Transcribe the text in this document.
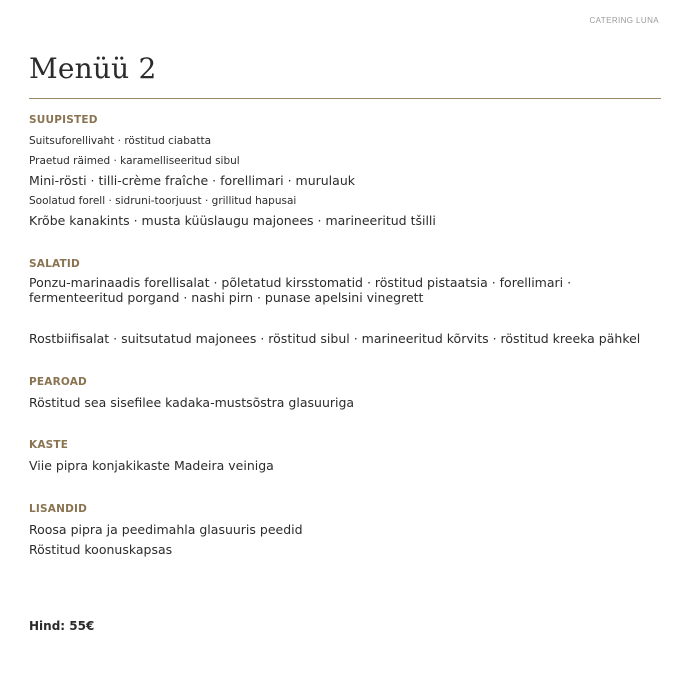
CATERING LUNA
Menüü 2
SUUPISTED

Suitsuforellivaht · röstitud ciabatta

Praetud räimed · karamelliseeritud sibul

Mini-rösti · tilli-crème fraîche · forellimari · murulauk

Soolatud forell · sidruni-toorjuust · grillitud hapusai

Krõbe kanakints · musta küüslaugu majonees · marineeritud tšilli

SALATID

Ponzu-marinaadis forellisalat · põletatud kirsstomatid · röstitud pistaatsia · forellimari · fermenteeritud porgand · nashi pirn · punase apelsini vinegrett

Rostbiifisalat · suitsutatud majonees · röstitud sibul · marineeritud kõrvits · röstitud kreeka pähkel

PEAROAD

Röstitud sea sisefilee kadaka-mustsõstra glasuuriga

KASTE

Viie pipra konjakikaste Madeira veiniga

LISANDID

Roosa pipra ja peedimahla glasuuris peedid

Röstitud koonuskapsas

Hind: 55€
